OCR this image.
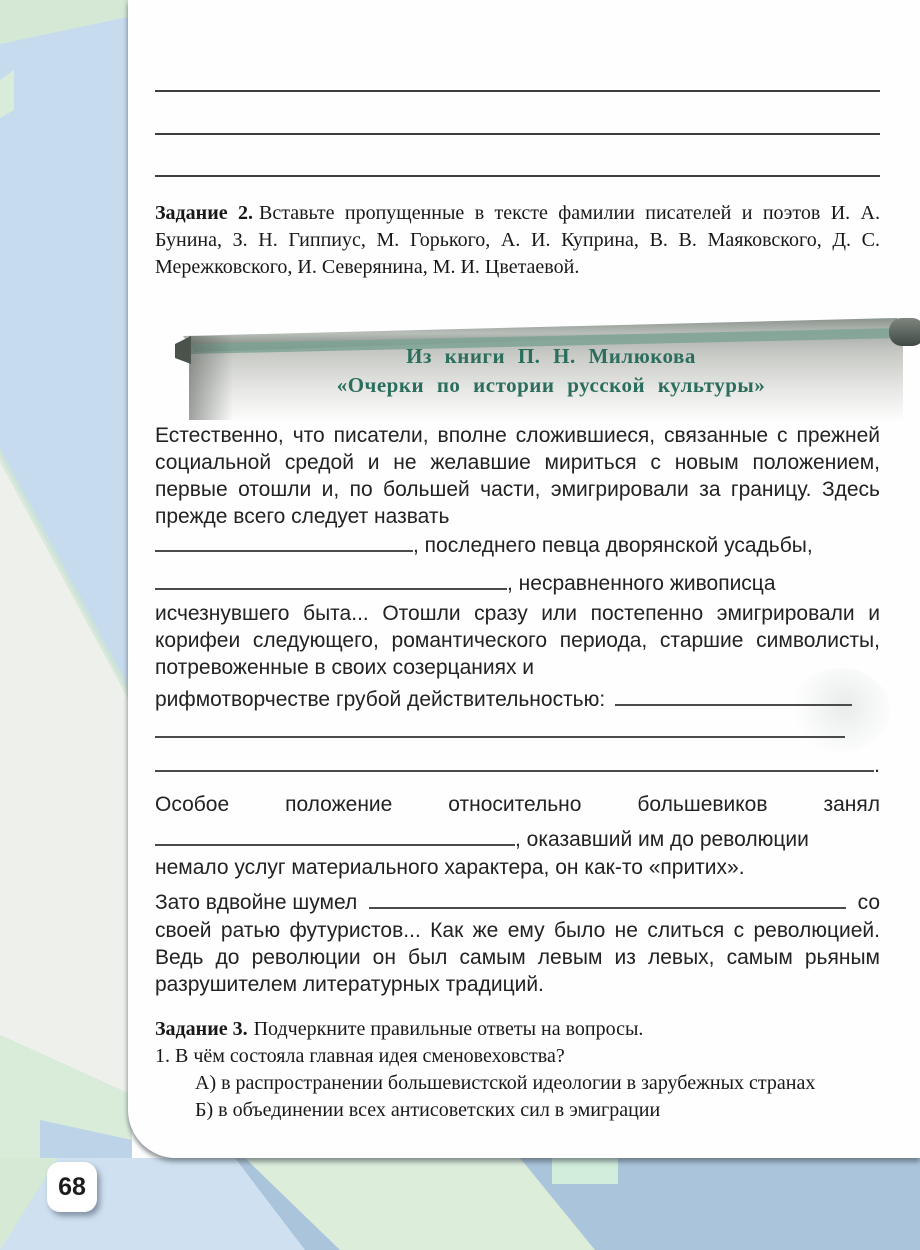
Задание 2. Вставьте пропущенные в тексте фамилии писателей и поэтов И. А. Бунина, З. Н. Гиппиус, М. Горького, А. И. Куприна, В. В. Маяковского, Д. С. Мережковского, И. Северянина, М. И. Цветаевой.
Из книги П. Н. Милюкова
«Очерки по истории русской культуры»
Естественно, что писатели, вполне сложившиеся, связанные с прежней социальной средой и не желавшие мириться с новым положением, первые отошли и, по большей части, эмигрировали за границу. Здесь прежде всего следует назвать
, последнего певца дворянской усадьбы,
, несравненного живописца
исчезнувшего быта... Отошли сразу или постепенно эмигрировали и корифеи следующего, романтического периода, старшие символисты, потревоженные в своих созерцаниях и
рифмотворчестве грубой действительностью:
.
Особое положение относительно большевиков занял
, оказавший им до революции
немало услуг материального характера, он как-то «притих».
Зато вдвойне шумел	со
своей ратью футуристов... Как же ему было не слиться с революцией. Ведь до революции он был самым левым из левых, самым рьяным разрушителем литературных традиций.
Задание 3. Подчеркните правильные ответы на вопросы.
1. В чём состояла главная идея сменовеховства?
А) в распространении большевистской идеологии в зарубежных странах
Б) в объединении всех антисоветских сил в эмиграции
68
